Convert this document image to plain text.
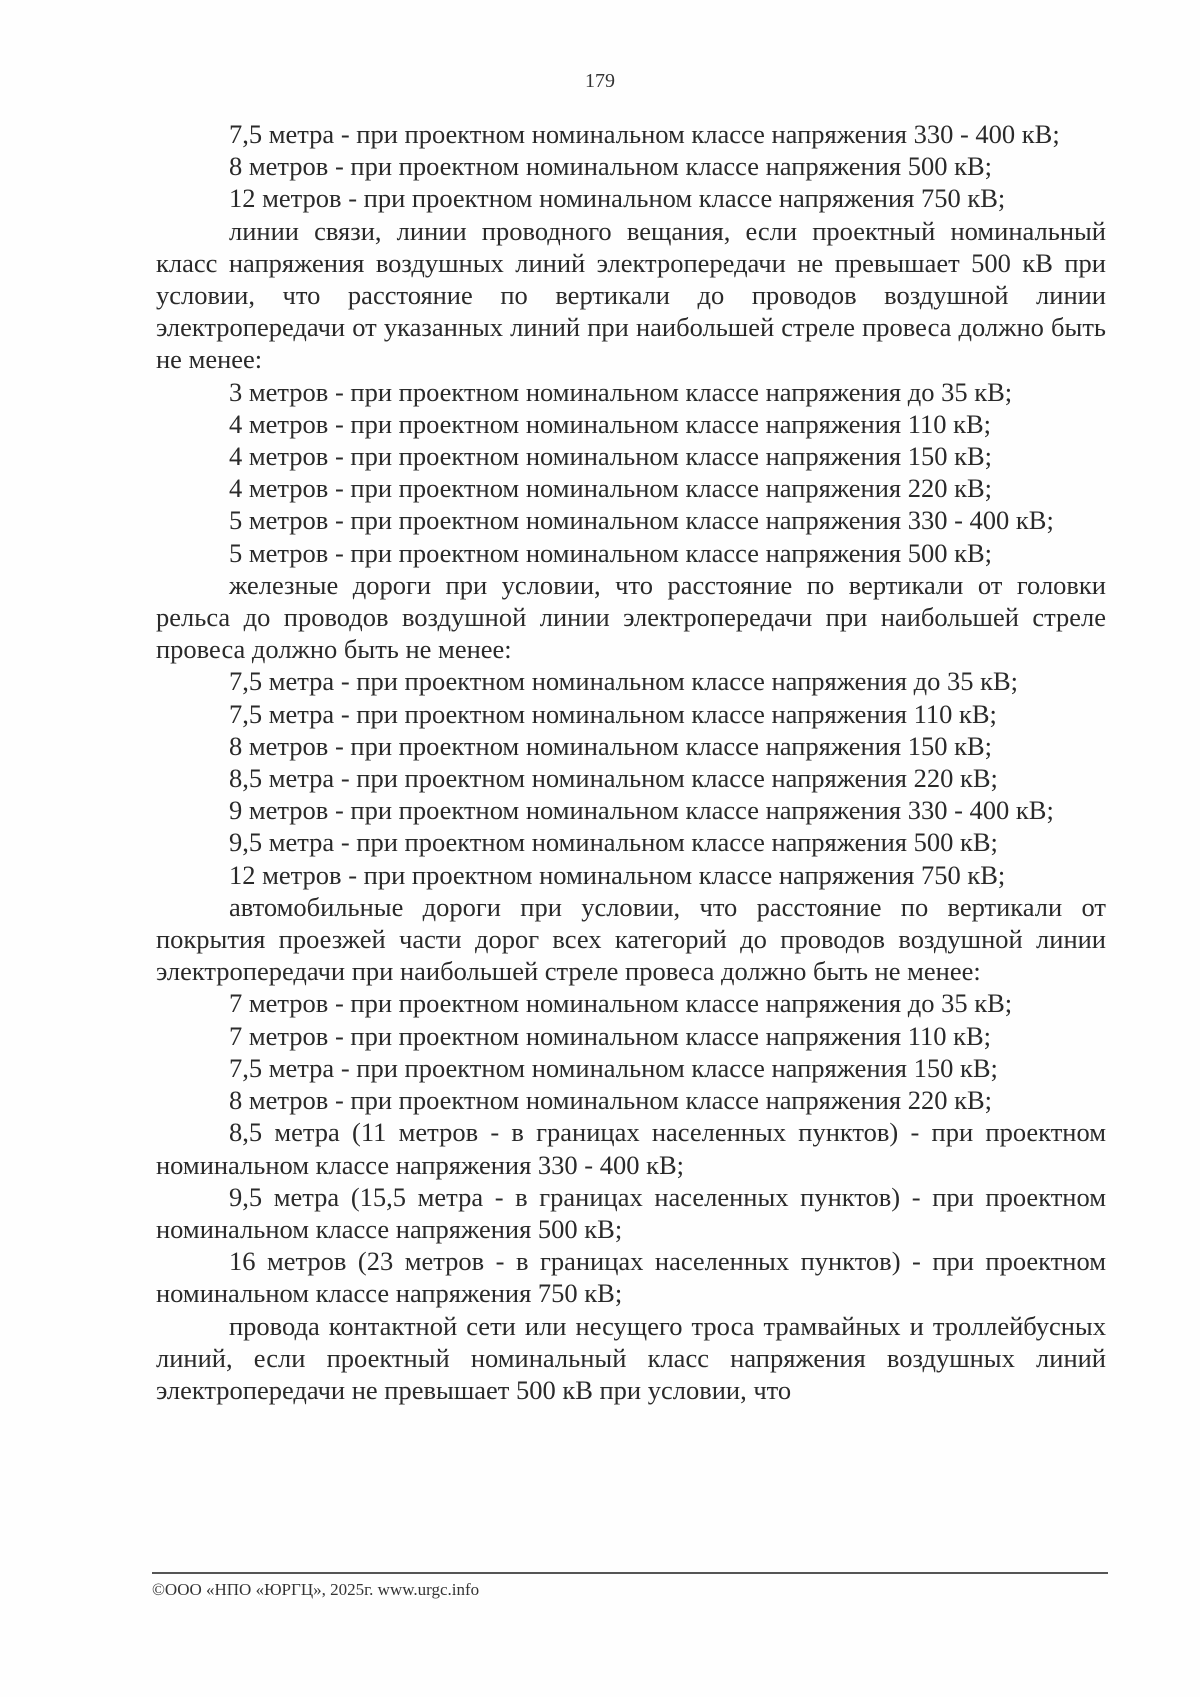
179

7,5 метра - при проектном номинальном классе напряжения 330 - 400 кВ;

8 метров - при проектном номинальном классе напряжения 500 кВ;

12 метров - при проектном номинальном классе напряжения 750 кВ;

линии связи, линии проводного вещания, если проектный номинальный класс напряжения воздушных линий электропередачи не превышает 500 кВ при условии, что расстояние по вертикали до проводов воздушной линии электропередачи от указанных линий при наибольшей стреле провеса должно быть не менее:

3 метров - при проектном номинальном классе напряжения до 35 кВ;

4 метров - при проектном номинальном классе напряжения 110 кВ;

4 метров - при проектном номинальном классе напряжения 150 кВ;

4 метров - при проектном номинальном классе напряжения 220 кВ;

5 метров - при проектном номинальном классе напряжения 330 - 400 кВ;

5 метров - при проектном номинальном классе напряжения 500 кВ;

железные дороги при условии, что расстояние по вертикали от головки рельса до проводов воздушной линии электропередачи при наибольшей стреле провеса должно быть не менее:

7,5 метра - при проектном номинальном классе напряжения до 35 кВ;

7,5 метра - при проектном номинальном классе напряжения 110 кВ;

8 метров - при проектном номинальном классе напряжения 150 кВ;

8,5 метра - при проектном номинальном классе напряжения 220 кВ;

9 метров - при проектном номинальном классе напряжения 330 - 400 кВ;

9,5 метра - при проектном номинальном классе напряжения 500 кВ;

12 метров - при проектном номинальном классе напряжения 750 кВ;

автомобильные дороги при условии, что расстояние по вертикали от покрытия проезжей части дорог всех категорий до проводов воздушной линии электропередачи при наибольшей стреле провеса должно быть не менее:

7 метров - при проектном номинальном классе напряжения до 35 кВ;

7 метров - при проектном номинальном классе напряжения 110 кВ;

7,5 метра - при проектном номинальном классе напряжения 150 кВ;

8 метров - при проектном номинальном классе напряжения 220 кВ;

8,5 метра (11 метров - в границах населенных пунктов) - при проектном номинальном классе напряжения 330 - 400 кВ;

9,5 метра (15,5 метра - в границах населенных пунктов) - при проектном номинальном классе напряжения 500 кВ;

16 метров (23 метров - в границах населенных пунктов) - при проектном номинальном классе напряжения 750 кВ;

провода контактной сети или несущего троса трамвайных и троллейбусных линий, если проектный номинальный класс напряжения воздушных линий электропередачи не превышает 500 кВ при условии, что

©ООО «НПО «ЮРГЦ», 2025г. www.urgc.info
